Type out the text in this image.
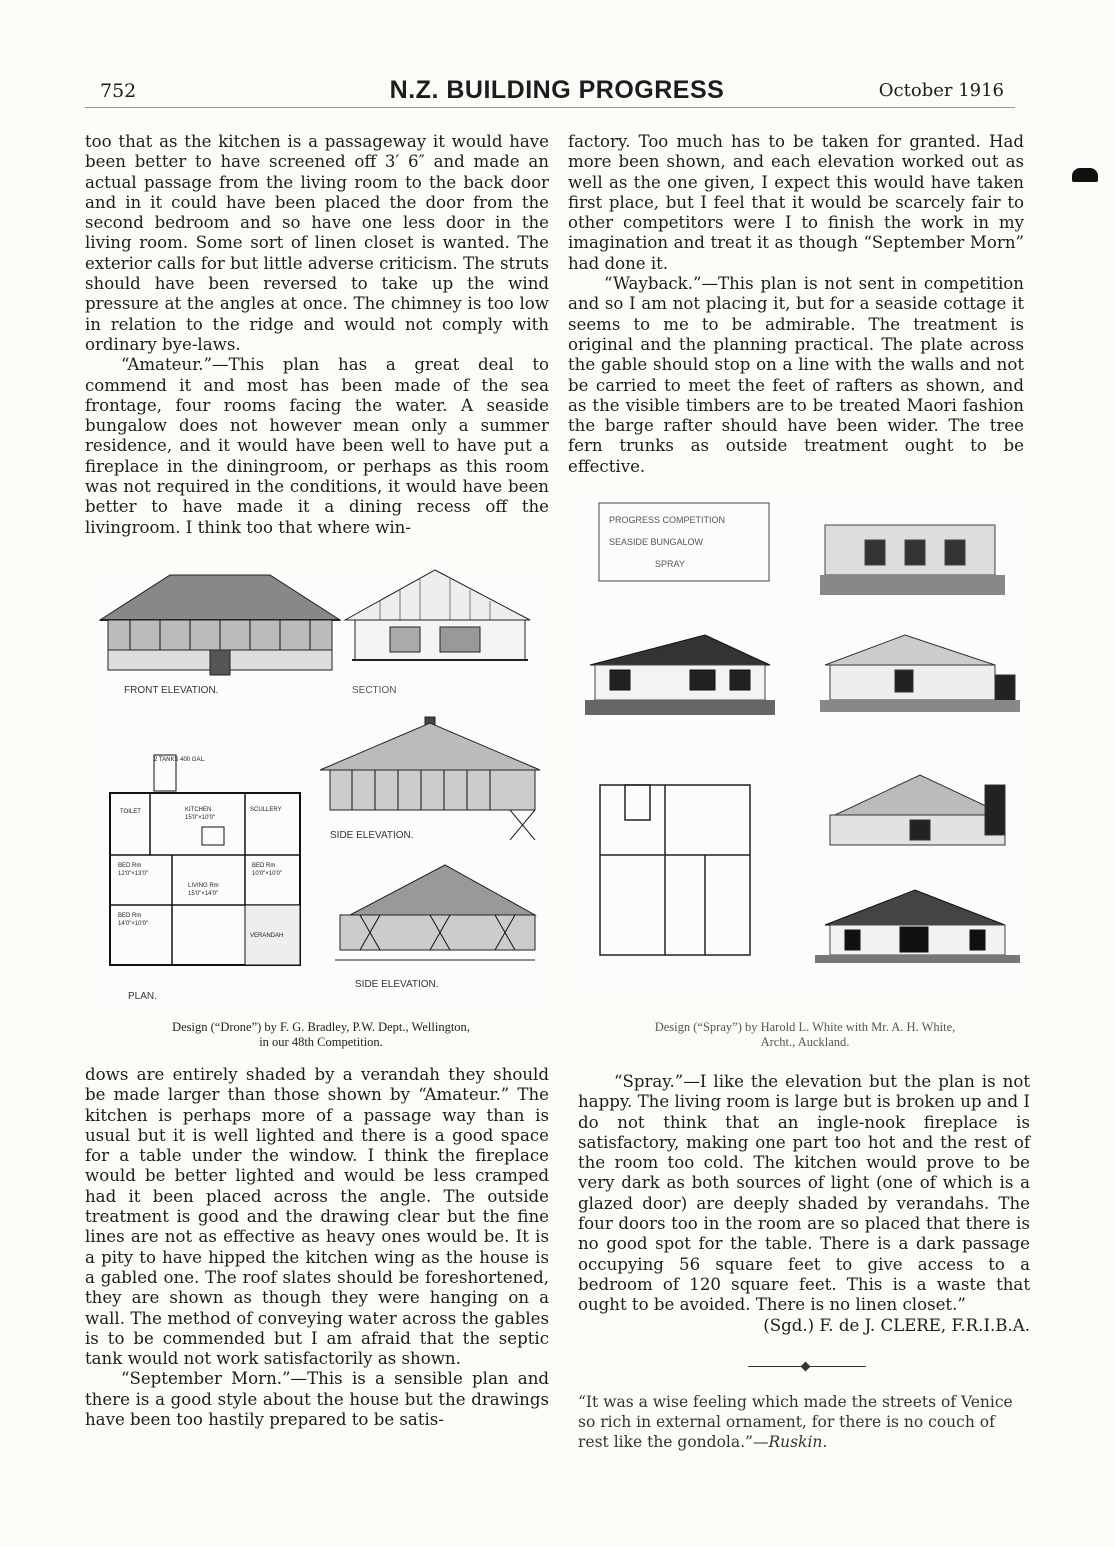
752	N.Z. BUILDING PROGRESS	October 1916

too that as the kitchen is a passageway it would have been better to have screened off 3′ 6″ and made an actual passage from the living room to the back door and in it could have been placed the door from the second bedroom and so have one less door in the living room. Some sort of linen closet is wanted. The exterior calls for but little adverse criticism. The struts should have been reversed to take up the wind pressure at the angles at once. The chimney is too low in relation to the ridge and would not comply with ordinary bye-laws.

“Amateur.”—This plan has a great deal to commend it and most has been made of the sea frontage, four rooms facing the water. A seaside bungalow does not however mean only a summer residence, and it would have been well to have put a fireplace in the diningroom, or perhaps as this room was not required in the conditions, it would have been better to have made it a dining recess off the livingroom. I think too that where win-

factory. Too much has to be taken for granted. Had more been shown, and each elevation worked out as well as the one given, I expect this would have taken first place, but I feel that it would be scarcely fair to other competitors were I to finish the work in my imagination and treat it as though “September Morn” had done it.

“Wayback.”—This plan is not sent in competition and so I am not placing it, but for a seaside cottage it seems to me to be admirable. The treatment is original and the planning practical. The plate across the gable should stop on a line with the walls and not be carried to meet the feet of rafters as shown, and as the visible timbers are to be treated Maori fashion the barge rafter should have been wider. The tree fern trunks as outside treatment ought to be effective.

FRONT ELEVATION.	SECTION
SIDE ELEVATION.
2 TANKS 400 GAL.
TOILET	KITCHEN
15'0"×10'0"
SCULLERY
BED Rm
12'0"×13'0"
BED Rm
10'0"×10'0"
LIVING Rm
15'0"×14'0"
BED Rm
14'0"×10'0"
VERANDAH
PLAN.
SIDE ELEVATION.
Design (“Drone”) by F. G. Bradley, P.W. Dept., Wellington,
in our 48th Competition.
PROGRESS COMPETITION
SEASIDE BUNGALOW
SPRAY
Design (“Spray”) by Harold L. White with Mr. A. H. White,
Archt., Auckland.

dows are entirely shaded by a verandah they should be made larger than those shown by “Amateur.” The kitchen is perhaps more of a passage way than is usual but it is well lighted and there is a good space for a table under the window. I think the fireplace would be better lighted and would be less cramped had it been placed across the angle. The outside treatment is good and the drawing clear but the fine lines are not as effective as heavy ones would be. It is a pity to have hipped the kitchen wing as the house is a gabled one. The roof slates should be foreshortened, they are shown as though they were hanging on a wall. The method of conveying water across the gables is to be commended but I am afraid that the septic tank would not work satisfactorily as shown.

“September Morn.”—This is a sensible plan and there is a good style about the house but the drawings have been too hastily prepared to be satis-

“Spray.”—I like the elevation but the plan is not happy. The living room is large but is broken up and I do not think that an ingle-nook fireplace is satisfactory, making one part too hot and the rest of the room too cold. The kitchen would prove to be very dark as both sources of light (one of which is a glazed door) are deeply shaded by verandahs. The four doors too in the room are so placed that there is no good spot for the table. There is a dark passage occupying 56 square feet to give access to a bedroom of 120 square feet. This is a waste that ought to be avoided. There is no linen closet.”

(Sgd.) F. de J. CLERE, F.R.I.B.A.

“It was a wise feeling which made the streets of Venice so rich in external ornament, for there is no couch of rest like the gondola.”—Ruskin.
